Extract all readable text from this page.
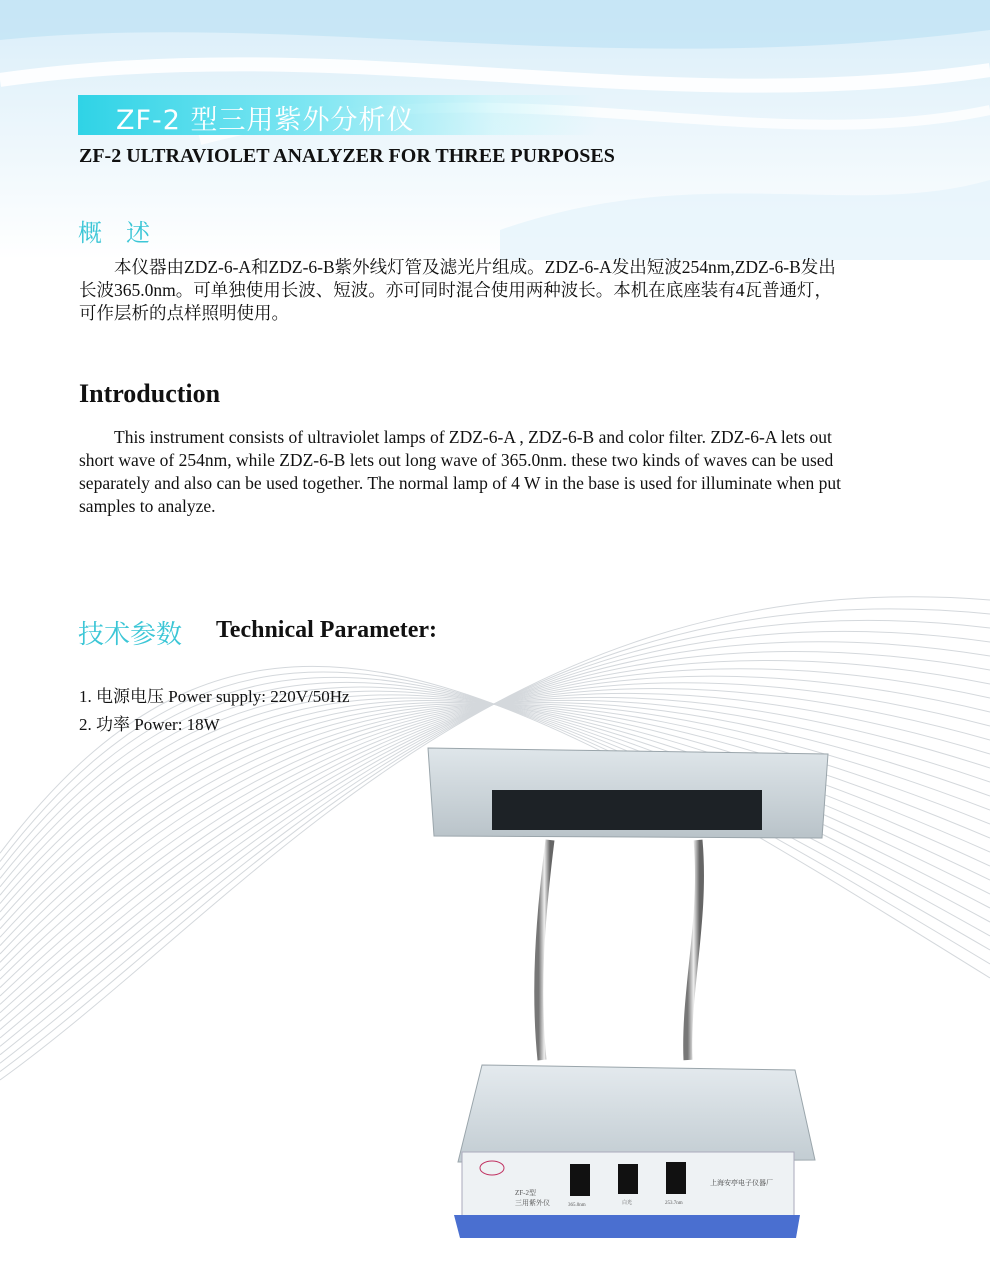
ZF-2 型三用紫外分析仪
ZF-2 ULTRAVIOLET ANALYZER FOR THREE PURPOSES
概　述
本仪器由ZDZ-6-A和ZDZ-6-B紫外线灯管及滤光片组成。ZDZ-6-A发出短波254nm,ZDZ-6-B发出
长波365.0nm。可单独使用长波、短波。亦可同时混合使用两种波长。本机在底座装有4瓦普通灯，
可作层析的点样照明使用。
Introduction
This instrument consists of ultraviolet lamps of ZDZ-6-A , ZDZ-6-B and color filter. ZDZ-6-A lets out
short wave of 254nm, while ZDZ-6-B lets out long wave of 365.0nm. these two kinds of waves can be used
separately and also can be used together. The normal lamp of 4 W in the base is used for illuminate when put
samples to analyze.
技术参数 Technical Parameter:
1. 电源电压 Power supply: 220V/50Hz
2. 功率 Power: 18W
ZF-2型
三用紫外仪	365.0nm	白光	253.7nm
上海安亭电子仪器厂
